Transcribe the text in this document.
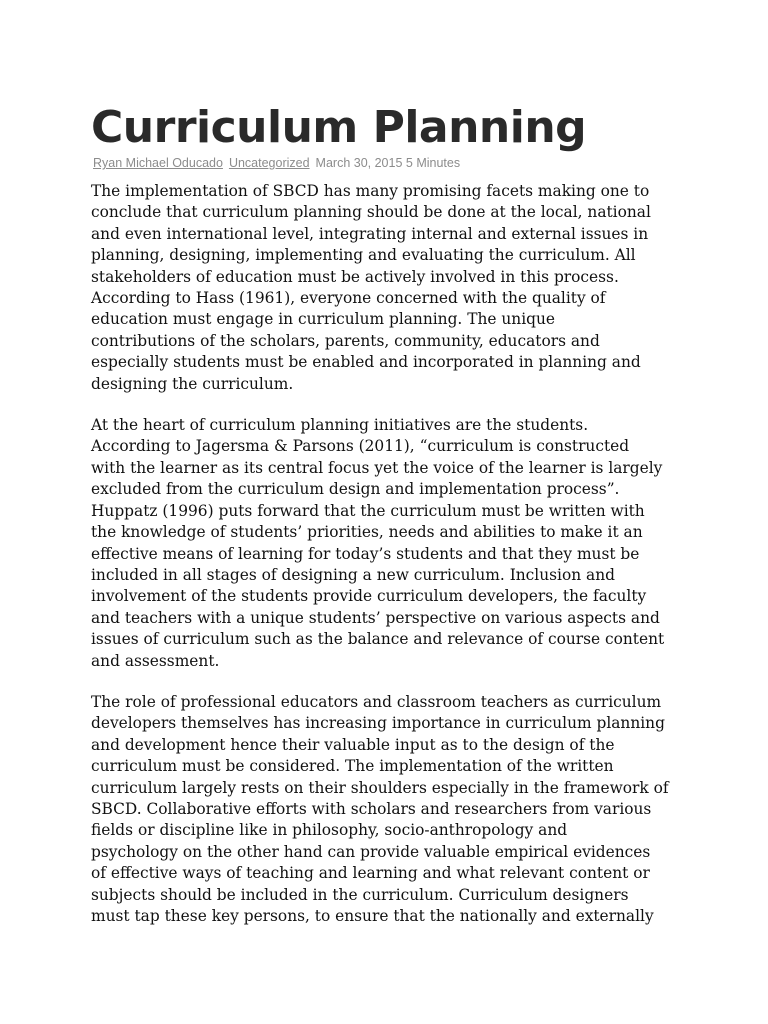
Curriculum Planning
Ryan Michael Oducado Uncategorized March 30, 2015 5 Minutes

The implementation of SBCD has many promising facets making one to
conclude that curriculum planning should be done at the local, national
and even international level, integrating internal and external issues in
planning, designing, implementing and evaluating the curriculum. All
stakeholders of education must be actively involved in this process.
According to Hass (1961), everyone concerned with the quality of
education must engage in curriculum planning. The unique
contributions of the scholars, parents, community, educators and
especially students must be enabled and incorporated in planning and
designing the curriculum.

At the heart of curriculum planning initiatives are the students.
According to Jagersma & Parsons (2011), “curriculum is constructed
with the learner as its central focus yet the voice of the learner is largely
excluded from the curriculum design and implementation process”.
Huppatz (1996) puts forward that the curriculum must be written with
the knowledge of students’ priorities, needs and abilities to make it an
effective means of learning for today’s students and that they must be
included in all stages of designing a new curriculum. Inclusion and
involvement of the students provide curriculum developers, the faculty
and teachers with a unique students’ perspective on various aspects and
issues of curriculum such as the balance and relevance of course content
and assessment.

The role of professional educators and classroom teachers as curriculum
developers themselves has increasing importance in curriculum planning
and development hence their valuable input as to the design of the
curriculum must be considered. The implementation of the written
curriculum largely rests on their shoulders especially in the framework of
SBCD. Collaborative efforts with scholars and researchers from various
fields or discipline like in philosophy, socio-anthropology and
psychology on the other hand can provide valuable empirical evidences
of effective ways of teaching and learning and what relevant content or
subjects should be included in the curriculum. Curriculum designers
must tap these key persons, to ensure that the nationally and externally
